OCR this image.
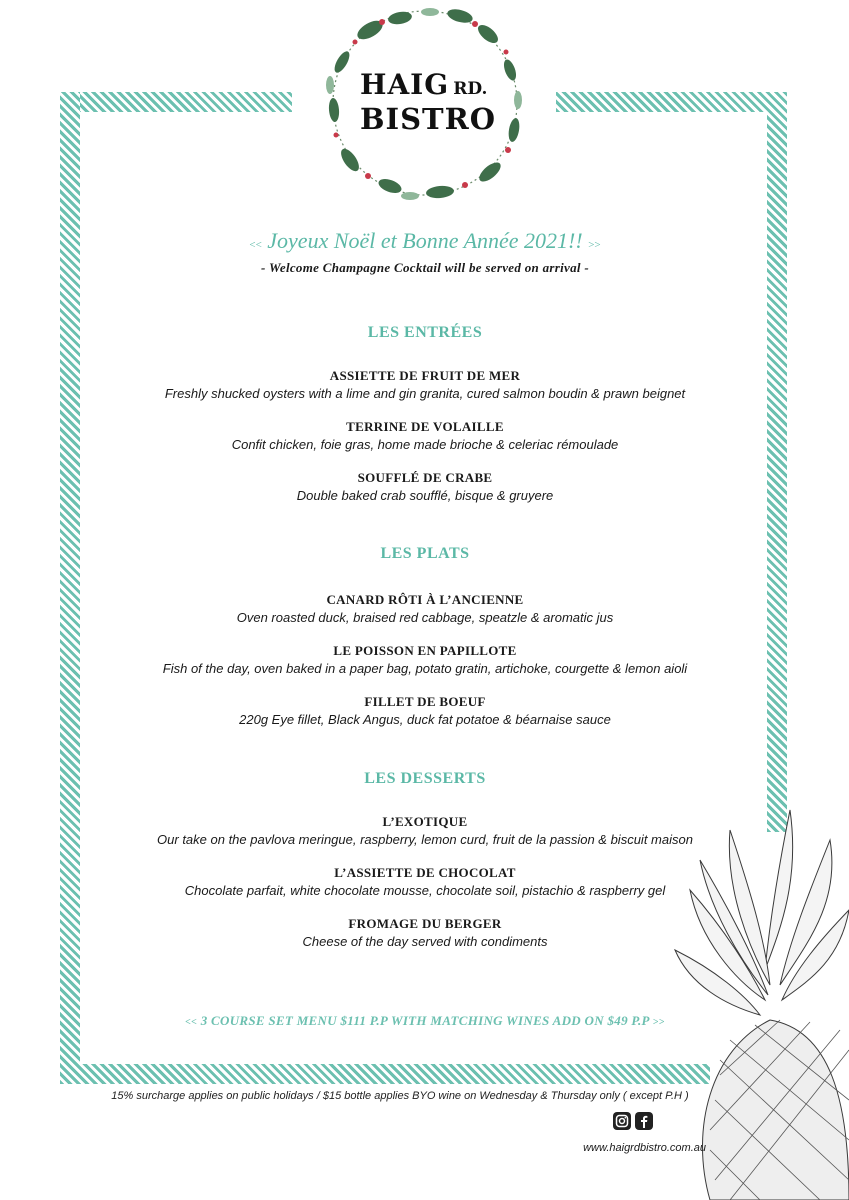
HAIG RD.
BISTRO

<< Joyeux Noël et Bonne Année 2021!! >>

- Welcome Champagne Cocktail will be served on arrival -

LES ENTRÉES

ASSIETTE DE FRUIT DE MER

Freshly shucked oysters with a lime and gin granita, cured salmon boudin & prawn beignet

TERRINE DE VOLAILLE

Confit chicken, foie gras, home made brioche & celeriac rémoulade

SOUFFLÉ DE CRABE

Double baked crab soufflé, bisque & gruyere

LES PLATS

CANARD RÔTI À L’ANCIENNE

Oven roasted duck, braised red cabbage, speatzle & aromatic jus

LE POISSON EN PAPILLOTE

Fish of the day, oven baked in a paper bag, potato gratin, artichoke, courgette & lemon aioli

FILLET DE BOEUF

220g Eye fillet, Black Angus, duck fat potatoe & béarnaise sauce

LES DESSERTS

L’EXOTIQUE

Our take on the pavlova meringue, raspberry, lemon curd, fruit de la passion & biscuit maison

L’ASSIETTE DE CHOCOLAT

Chocolate parfait, white chocolate mousse, chocolate soil, pistachio & raspberry gel

FROMAGE DU BERGER

Cheese of the day served with condiments

<< 3 COURSE SET MENU $111 P.P WITH MATCHING WINES ADD ON $49 P.P >>
15% surcharge applies on public holidays / $15 bottle applies BYO wine on Wednesday & Thursday only ( except P.H )
www.haigrdbistro.com.au
